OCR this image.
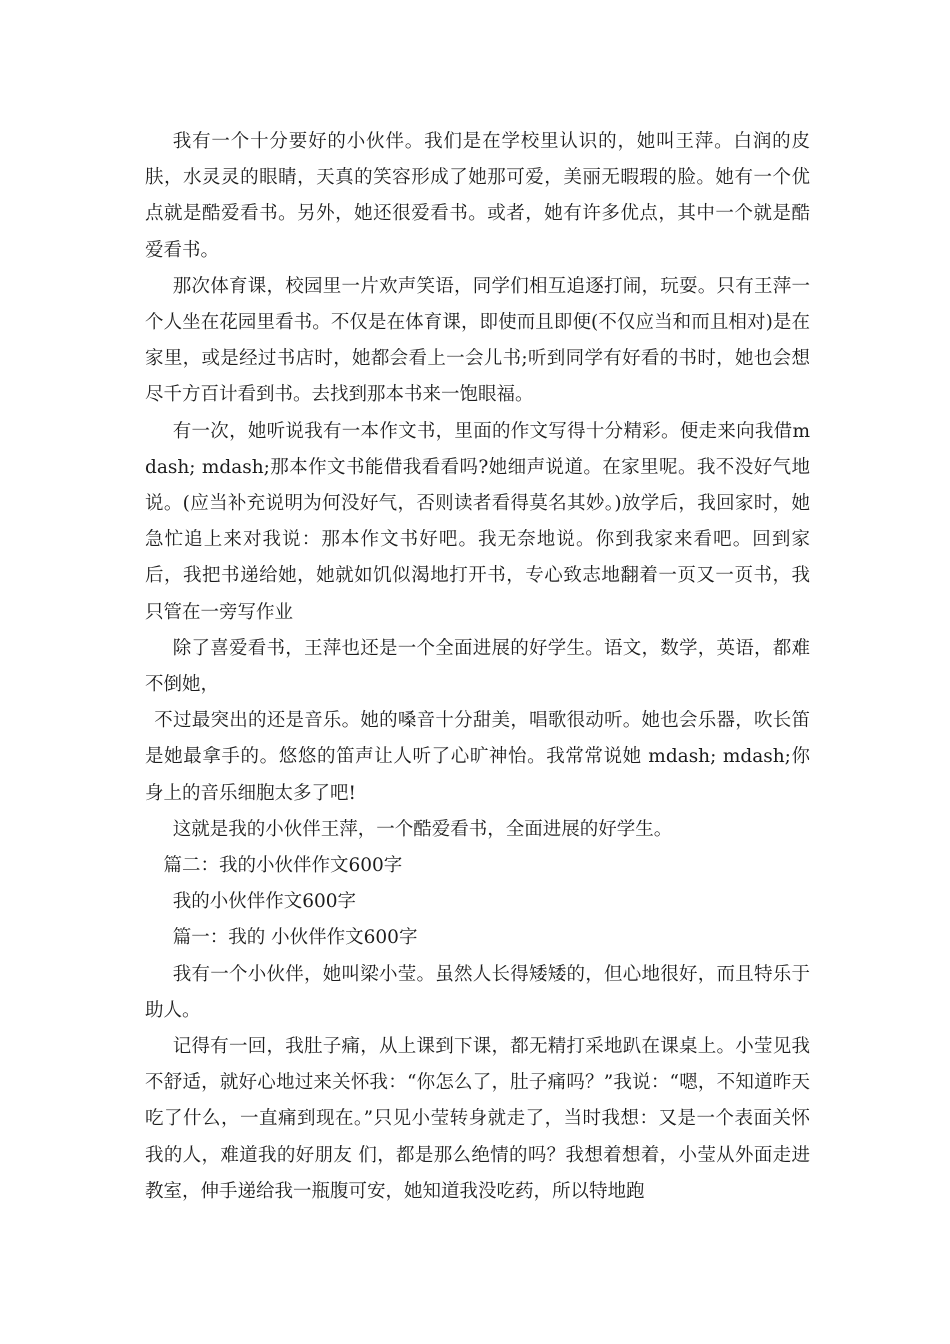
我有一个十分要好的小伙伴。我们是在学校里认识的，她叫王萍。白润的皮肤，水灵灵的眼睛，天真的笑容形成了她那可爱，美丽无暇瑕的脸。她有一个优点就是酷爱看书。另外，她还很爱看书。或者，她有许多优点，其中一个就是酷爱看书。

那次体育课，校园里一片欢声笑语，同学们相互追逐打闹，玩耍。只有王萍一个人坐在花园里看书。不仅是在体育课，即使而且即便(不仅应当和而且相对)是在家里，或是经过书店时，她都会看上一会儿书;听到同学有好看的书时，她也会想尽千方百计看到书。去找到那本书来一饱眼福。

有一次，她听说我有一本作文书，里面的作文写得十分精彩。便走来向我借mdash; mdash;那本作文书能借我看看吗?她细声说道。在家里呢。我不没好气地说。(应当补充说明为何没好气，否则读者看得莫名其妙。)放学后，我回家时，她急忙追上来对我说：那本作文书好吧。我无奈地说。你到我家来看吧。回到家后，我把书递给她，她就如饥似渴地打开书，专心致志地翻着一页又一页书，我只管在一旁写作业

除了喜爱看书，王萍也还是一个全面进展的好学生。语文，数学，英语，都难不倒她，

不过最突出的还是音乐。她的嗓音十分甜美，唱歌很动听。她也会乐器，吹长笛是她最拿手的。悠悠的笛声让人听了心旷神怡。我常常说她 mdash; mdash;你身上的音乐细胞太多了吧!

这就是我的小伙伴王萍，一个酷爱看书，全面进展的好学生。

篇二：我的小伙伴作文600字

我的小伙伴作文600字

篇一：我的 小伙伴作文600字

我有一个小伙伴，她叫梁小莹。虽然人长得矮矮的，但心地很好，而且特乐于助人。

记得有一回，我肚子痛，从上课到下课，都无精打采地趴在课桌上。小莹见我不舒适，就好心地过来关怀我：“你怎么了，肚子痛吗？”我说：“嗯，不知道昨天吃了什么，一直痛到现在。”只见小莹转身就走了，当时我想：又是一个表面关怀我的人，难道我的好朋友 们，都是那么绝情的吗？我想着想着，小莹从外面走进教室，伸手递给我一瓶腹可安，她知道我没吃药，所以特地跑
